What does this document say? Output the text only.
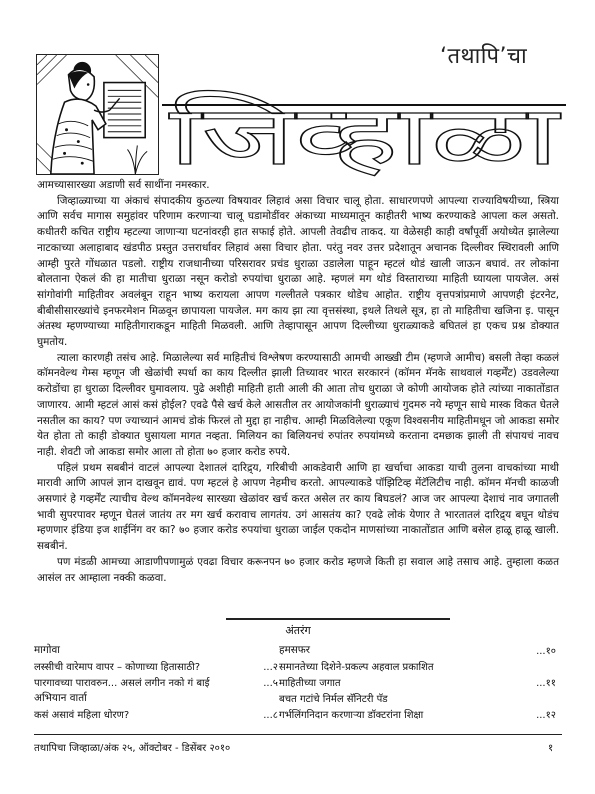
‘तथापि’चा
जिव्हाळा

आमच्यासारख्या अडाणी सर्व साथींना नमस्कार.

जिव्हाळ्याच्या या अंकाचं संपादकीय कुठल्या विषयावर लिहावं असा विचार चालू होता. साधारणपणे आपल्या राज्याविषयीच्या, स्त्रिया आणि सर्वच मागास समुहांवर परिणाम करणाऱ्या चालू घडामोडींवर अंकाच्या माध्यमातून काहीतरी भाष्य करण्याकडे आपला कल असतो. कधीतरी कचित राष्ट्रीय म्हटल्या जाणाऱ्या घटनांवरही हात सफाई होते. आपली तेवढीच ताकद. या वेळेसही काही वर्षांपूर्वी अयोध्येत झालेल्या नाटकाच्या अलाहाबाद खंडपीठ प्रस्तुत उत्तरार्धावर लिहावं असा विचार होता. परंतु नवर उत्तर प्रदेशातून अचानक दिल्लीवर स्थिरावली आणि आम्ही पुरते गोंधळात पडलो. राष्ट्रीय राजधानीच्या परिसरावर प्रचंड धुराळा उडालेला पाहून म्हटलं थोडं खाली जाऊन बघावं. तर लोकांना बोलताना ऐकलं की हा मातीचा धुराळा नसून करोडो रुपयांचा धुराळा आहे. म्हणलं मग थोडं विस्ताराच्या माहिती घ्यायला पायजेल. असं सांगोवांगी माहितीवर अवलंबून राहून भाष्य करायला आपण गल्लीतले पत्रकार थोडेच आहोत. राष्ट्रीय वृत्तपत्रांप्रमाणे आपणही इंटरनेट, बीबीसीसारख्यांचे इनफरमेशन मिळवून छापायला पायजेल. मग काय झा त्या वृत्तसंस्था, इथले तिथले सूत्र, हा तो माहितीचा खजिना इ. पासून अंतस्थ म्हणण्याच्या माहितीगाराकडून माहिती मिळवली. आणि तेव्हापासून आपण दिल्लीच्या धुराळ्याकडे बघितलं हा एकच प्रश्न डोक्यात घुमतोय.

त्याला कारणही तसंच आहे. मिळालेल्या सर्व माहितीचं विश्लेषण करण्यासाठी आमची आख्खी टीम (म्हणजे आमीच) बसली तेव्हा कळलं कॉमनवेल्थ गेम्स म्हणून जी खेळांची स्पर्धा का काय दिल्लीत झाली तिच्यावर भारत सरकारनं (कॉमन मॅनके साथवालं गव्हर्मेंट) उडवलेल्या करोडोंचा हा धुराळा दिल्लीवर घुमावलाय. पुढे अशीही माहिती हाती आली की आता तोच धुराळा जे कोणी आयोजक होते त्यांच्या नाकातोंडात जाणारय. आमी म्हटलं आसं कसं होईल? एवढे पैसे खर्च केले आसतील तर आयोजकांनी धुराळ्याचं गुदमरु नये म्हणून साधे मास्क विकत घेतले नसतील का काय? पण ज्याच्यानं आमचं डोकं फिरलं तो मुद्दा हा नाहीच. आम्ही मिळविलेल्या एकूण विश्वसनीय माहितीमधून जो आकडा समोर येत होता तो काही डोक्यात घुसायला मागत नव्हता. मिलियन का बिलियनचं रुपांतर रुपयांमध्ये करताना दमछाक झाली ती संपायचं नावच नाही. शेवटी जो आकडा समोर आला तो होता ७० हजार करोड रुपये.

पहिलं प्रथम सबबीनं वाटलं आपल्या देशातलं दारिद्र्य, गरिबीची आकडेवारी आणि हा खर्चाचा आकडा याची तुलना वाचकांच्या माथी मारावी आणि आपलं ज्ञान दाखवून द्यावं. पण म्हटलं हे आपण नेहमीच करतो. आपल्याकडे पॉझिटिव्ह मेंटॅलिटीच नाही. कॉमन मॅनची काळजी असणारं हे गव्हर्मेंट त्याचीच वेल्थ कॉमनवेल्थ सारख्या खेळांवर खर्च करत असेल तर काय बिघडलं? आज जर आपल्या देशाचं नाव जगातली भावी सुपरपावर म्हणून घेतलं जातंय तर मग खर्च करावाच लागतंय. उगं आसतंय का? एवढे लोकं येणार ते भारतातलं दारिद्र्य बघून थोडंच म्हणणार इंडिया इज शाईनिंग वर का? ७० हजार करोड रुपयांचा धुराळा जाईल एकदोन माणसांच्या नाकातोंडात आणि बसेल हाळू हाळू खाली. सबबीनं.

पण मंडळी आमच्या आडाणीपणामुळं एवढा विचार करूनपन ७० हजार करोड म्हणजे किती हा सवाल आहे तसाच आहे. तुम्हाला कळत आसंल तर आम्हाला नक्की कळवा.

अंतरंग
मागोवा
लस्सीची वारेमाप वापर – कोणाच्या हितासाठी?	...२
पारगावच्या पारावरुन... असलं लगीन नको गं बाई	...५
अभियान वार्ता
कसं असावं महिला धोरण?	...८
हमसफर	...१०
समानतेच्या दिशेने-प्रकल्प अहवाल प्रकाशित
माहितीच्या जगात	...११
बचत गटांचे निर्मल सॅनिटरी पॅड
गर्भलिंगनिदान करणाऱ्या डॉक्टरांना शिक्षा	...१२
तथापिचा जिव्हाळा/अंक २५, ऑक्टोबर - डिसेंबर २०१०	१
